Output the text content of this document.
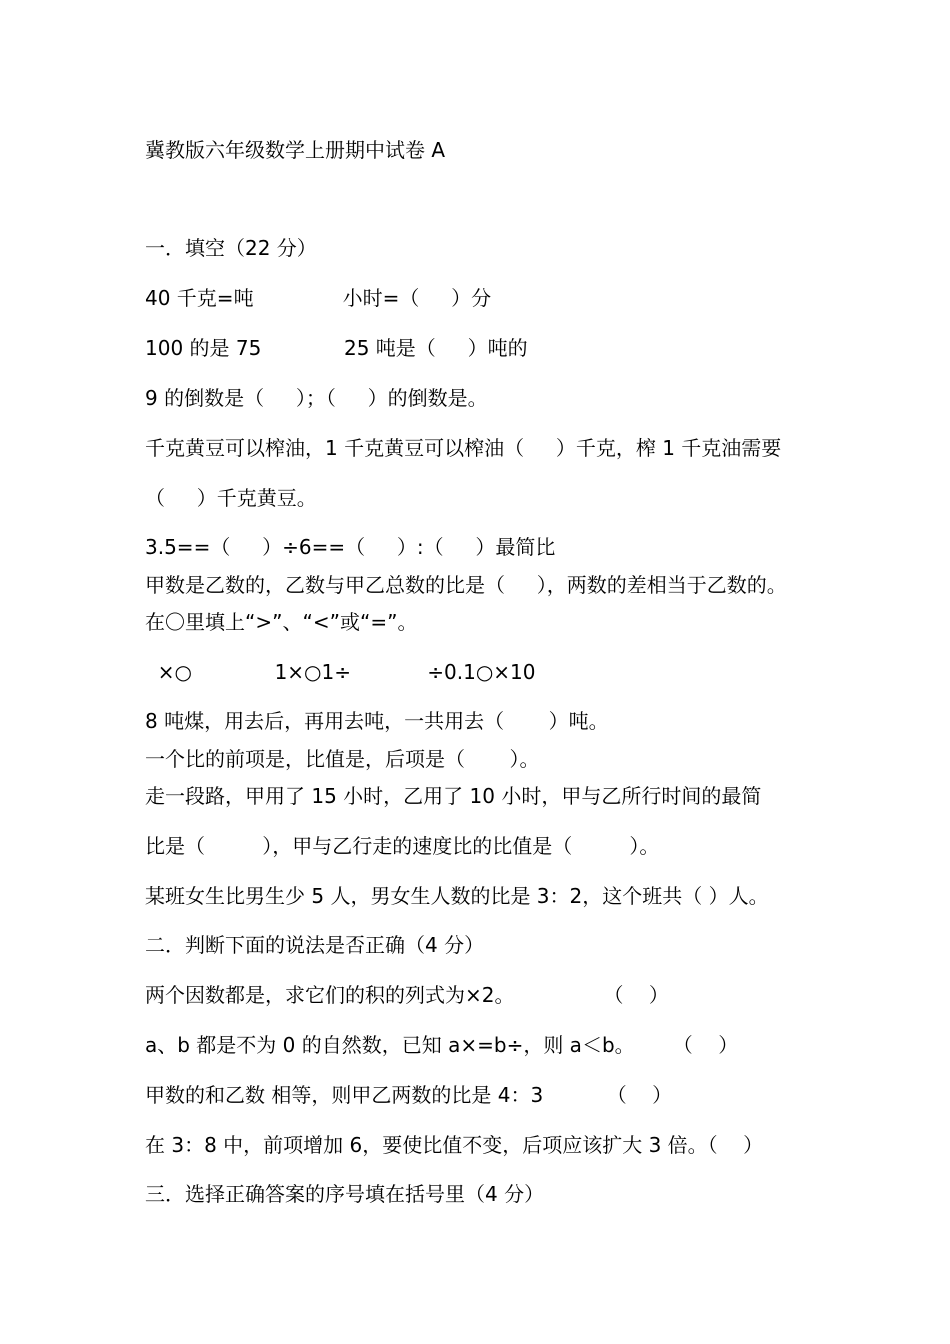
冀教版六年级数学上册期中试卷 A
一．填空（22 分）
40 千克=吨              小时=（     ）分
100 的是 75             25 吨是（     ）吨的
9 的倒数是（     ）；（     ）的倒数是。
千克黄豆可以榨油，1 千克黄豆可以榨油（     ）千克，榨 1 千克油需要
（     ）千克黄豆。
3.5==（     ）÷6==（     ）:（     ）最简比
甲数是乙数的，乙数与甲乙总数的比是（     ），两数的差相当于乙数的。
在〇里填上“>”、“<”或“=”。
×○             1×○1÷            ÷0.1○×10
8 吨煤，用去后，再用去吨，一共用去（       ）吨。
一个比的前项是，比值是，后项是（       ）。
走一段路，甲用了 15 小时，乙用了 10 小时，甲与乙所行时间的最简
比是（         ），甲与乙行走的速度比的比值是（         ）。
某班女生比男生少 5 人，男女生人数的比是 3：2，这个班共（ ）人。
二．判断下面的说法是否正确（4 分）
两个因数都是，求它们的积的列式为×2。              （    ）
a、b 都是不为 0 的自然数，已知 a×=b÷，则 a＜b。      （    ）
甲数的和乙数 相等，则甲乙两数的比是 4：3          （    ）
在 3：8 中，前项增加 6，要使比值不变，后项应该扩大 3 倍。（    ）
三．选择正确答案的序号填在括号里（4 分）
